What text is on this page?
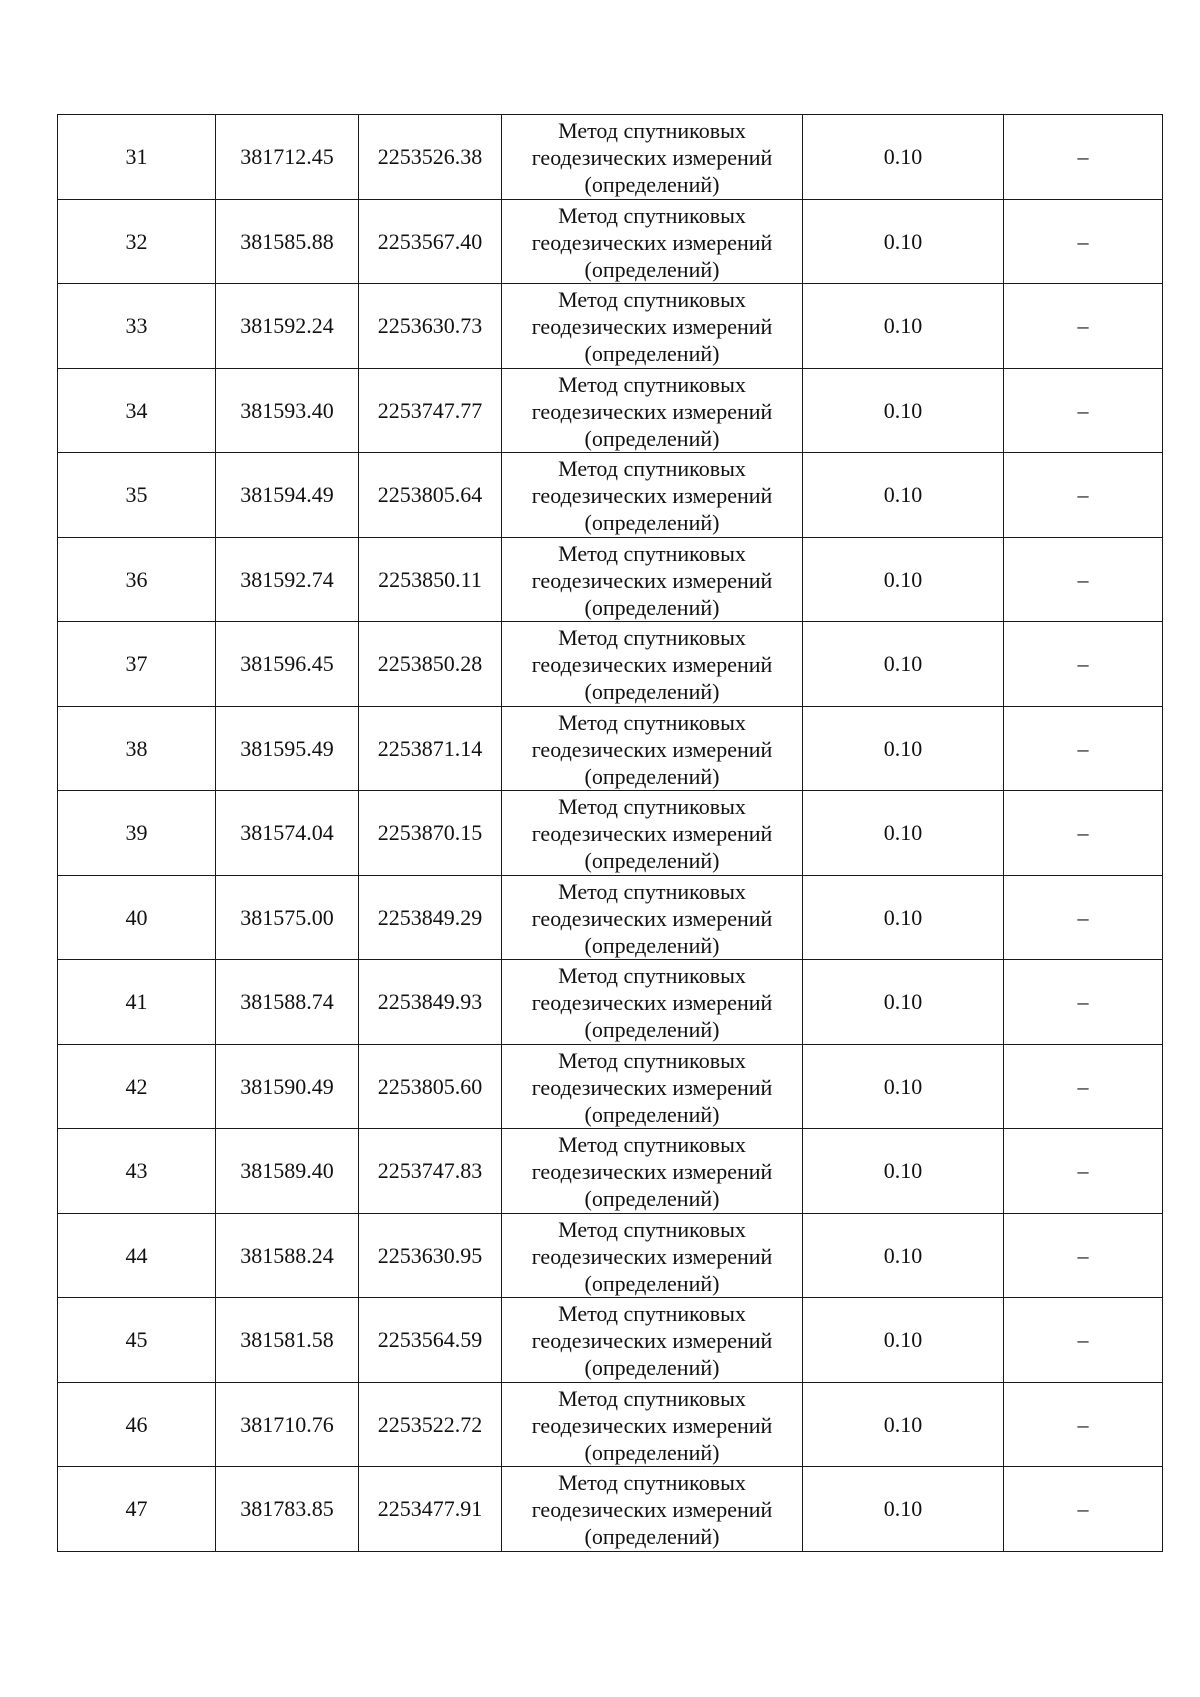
31	381712.45	2253526.38	Метод спутниковых
геодезических измерений
(определений)	0.10	–
32	381585.88	2253567.40	Метод спутниковых
геодезических измерений
(определений)	0.10	–
33	381592.24	2253630.73	Метод спутниковых
геодезических измерений
(определений)	0.10	–
34	381593.40	2253747.77	Метод спутниковых
геодезических измерений
(определений)	0.10	–
35	381594.49	2253805.64	Метод спутниковых
геодезических измерений
(определений)	0.10	–
36	381592.74	2253850.11	Метод спутниковых
геодезических измерений
(определений)	0.10	–
37	381596.45	2253850.28	Метод спутниковых
геодезических измерений
(определений)	0.10	–
38	381595.49	2253871.14	Метод спутниковых
геодезических измерений
(определений)	0.10	–
39	381574.04	2253870.15	Метод спутниковых
геодезических измерений
(определений)	0.10	–
40	381575.00	2253849.29	Метод спутниковых
геодезических измерений
(определений)	0.10	–
41	381588.74	2253849.93	Метод спутниковых
геодезических измерений
(определений)	0.10	–
42	381590.49	2253805.60	Метод спутниковых
геодезических измерений
(определений)	0.10	–
43	381589.40	2253747.83	Метод спутниковых
геодезических измерений
(определений)	0.10	–
44	381588.24	2253630.95	Метод спутниковых
геодезических измерений
(определений)	0.10	–
45	381581.58	2253564.59	Метод спутниковых
геодезических измерений
(определений)	0.10	–
46	381710.76	2253522.72	Метод спутниковых
геодезических измерений
(определений)	0.10	–
47	381783.85	2253477.91	Метод спутниковых
геодезических измерений
(определений)	0.10	–
